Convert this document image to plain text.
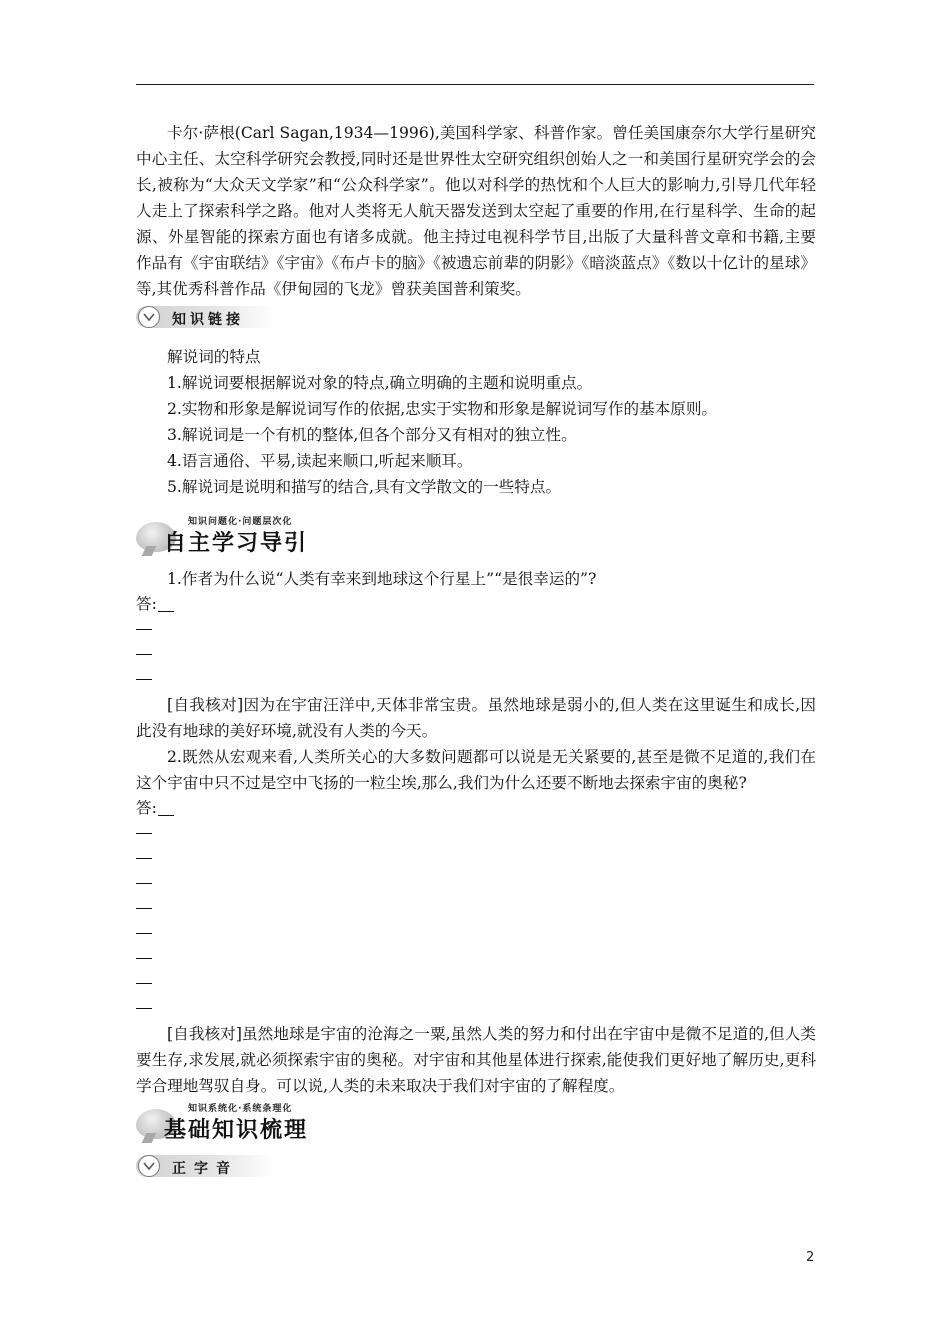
卡尔·萨根(Carl Sagan,1934—1996),美国科学家、科普作家。曾任美国康奈尔大学行星研究中心主任、太空科学研究会教授,同时还是世界性太空研究组织创始人之一和美国行星研究学会的会长,被称为“大众天文学家”和“公众科学家”。他以对科学的热忱和个人巨大的影响力,引导几代年轻人走上了探索科学之路。他对人类将无人航天器发送到太空起了重要的作用,在行星科学、生命的起源、外星智能的探索方面也有诸多成就。他主持过电视科学节目,出版了大量科普文章和书籍,主要作品有《宇宙联结》《宇宙》《布卢卡的脑》《被遗忘前辈的阴影》《暗淡蓝点》《数以十亿计的星球》等,其优秀科普作品《伊甸园的飞龙》曾获美国普利策奖。

知识链接

解说词的特点

1.解说词要根据解说对象的特点,确立明确的主题和说明重点。

2.实物和形象是解说词写作的依据,忠实于实物和形象是解说词写作的基本原则。

3.解说词是一个有机的整体,但各个部分又有相对的独立性。

4.语言通俗、平易,读起来顺口,听起来顺耳。

5.解说词是说明和描写的结合,具有文学散文的一些特点。

知识问题化·问题层次化
自主学习导引

1.作者为什么说“人类有幸来到地球这个行星上”“是很幸运的”?

答:

[自我核对]因为在宇宙汪洋中,天体非常宝贵。虽然地球是弱小的,但人类在这里诞生和成长,因此没有地球的美好环境,就没有人类的今天。

2.既然从宏观来看,人类所关心的大多数问题都可以说是无关紧要的,甚至是微不足道的,我们在这个宇宙中只不过是空中飞扬的一粒尘埃,那么,我们为什么还要不断地去探索宇宙的奥秘?

答:

[自我核对]虽然地球是宇宙的沧海之一粟,虽然人类的努力和付出在宇宙中是微不足道的,但人类要生存,求发展,就必须探索宇宙的奥秘。对宇宙和其他星体进行探索,能使我们更好地了解历史,更科学合理地驾驭自身。可以说,人类的未来取决于我们对宇宙的了解程度。

知识系统化·系统条理化
基础知识梳理
正字音
2
